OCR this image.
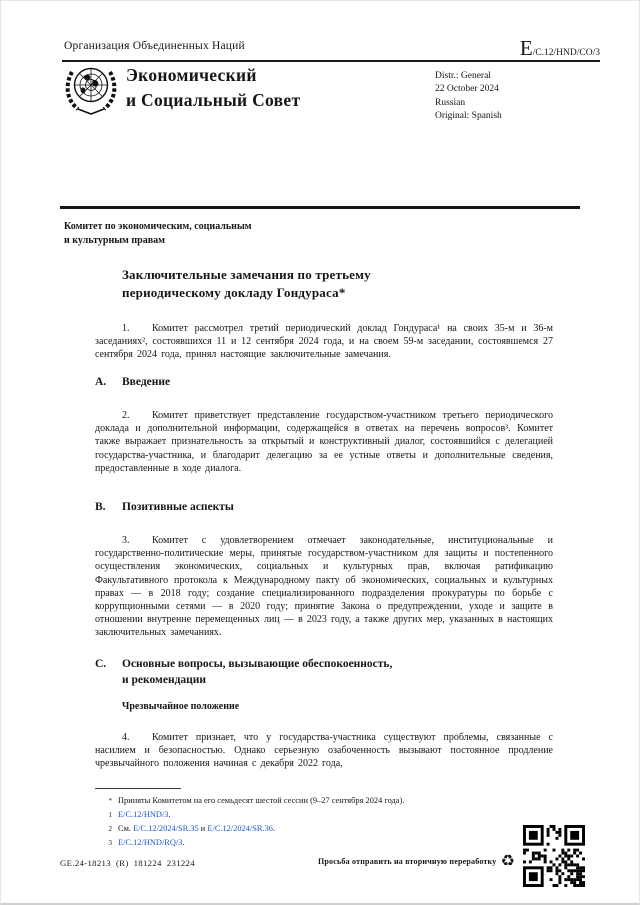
Организация Объединенных Наций	E/C.12/HND/CO/3
Экономический
и Социальный Совет
Distr.: General
22 October 2024
Russian
Original: Spanish
Комитет по экономическим, социальным
и культурным правам
Заключительные замечания по третьему
периодическому докладу Гондураса*

1. Комитет рассмотрел третий периодический доклад Гондураса¹ на своих 35-м и 36-м заседаниях², состоявшихся 11 и 12 сентября 2024 года, и на своем 59-м заседании, состоявшемся 27 сентября 2024 года, принял настоящие заключительные замечания.

A. Введение

2. Комитет приветствует представление государством-участником третьего периодического доклада и дополнительной информации, содержащейся в ответах на перечень вопросов³. Комитет также выражает признательность за открытый и конструктивный диалог, состоявшийся с делегацией государства-участника, и благодарит делегацию за ее устные ответы и дополнительные сведения, предоставленные в ходе диалога.

B. Позитивные аспекты

3. Комитет с удовлетворением отмечает законодательные, институциональные и государственно-политические меры, принятые государством-участником для защиты и постепенного осуществления экономических, социальных и культурных прав, включая ратификацию Факультативного протокола к Международному пакту об экономических, социальных и культурных правах — в 2018 году; создание специализированного подразделения прокуратуры по борьбе с коррупционными сетями — в 2020 году; принятие Закона о предупреждении, уходе и защите в отношении внутренне перемещенных лиц — в 2023 году, а также других мер, указанных в настоящих заключительных замечаниях.

C. Основные вопросы, вызывающие обеспокоенность,
и рекомендации
Чрезвычайное положение

4. Комитет признает, что у государства-участника существуют проблемы, связанные с насилием и безопасностью. Однако серьезную озабоченность вызывают постоянное продление чрезвычайного положения начиная с декабря 2022 года,

* Приняты Комитетом на его семьдесят шестой сессии (9–27 сентября 2024 года).
1 E/C.12/HND/3.
2 См. E/C.12/2024/SR.35 и E/C.12/2024/SR.36.
3 E/C.12/HND/RQ/3.
GE.24-18213  (R)  181224  231224	Просьба отправить на вторичную переработку ♻
